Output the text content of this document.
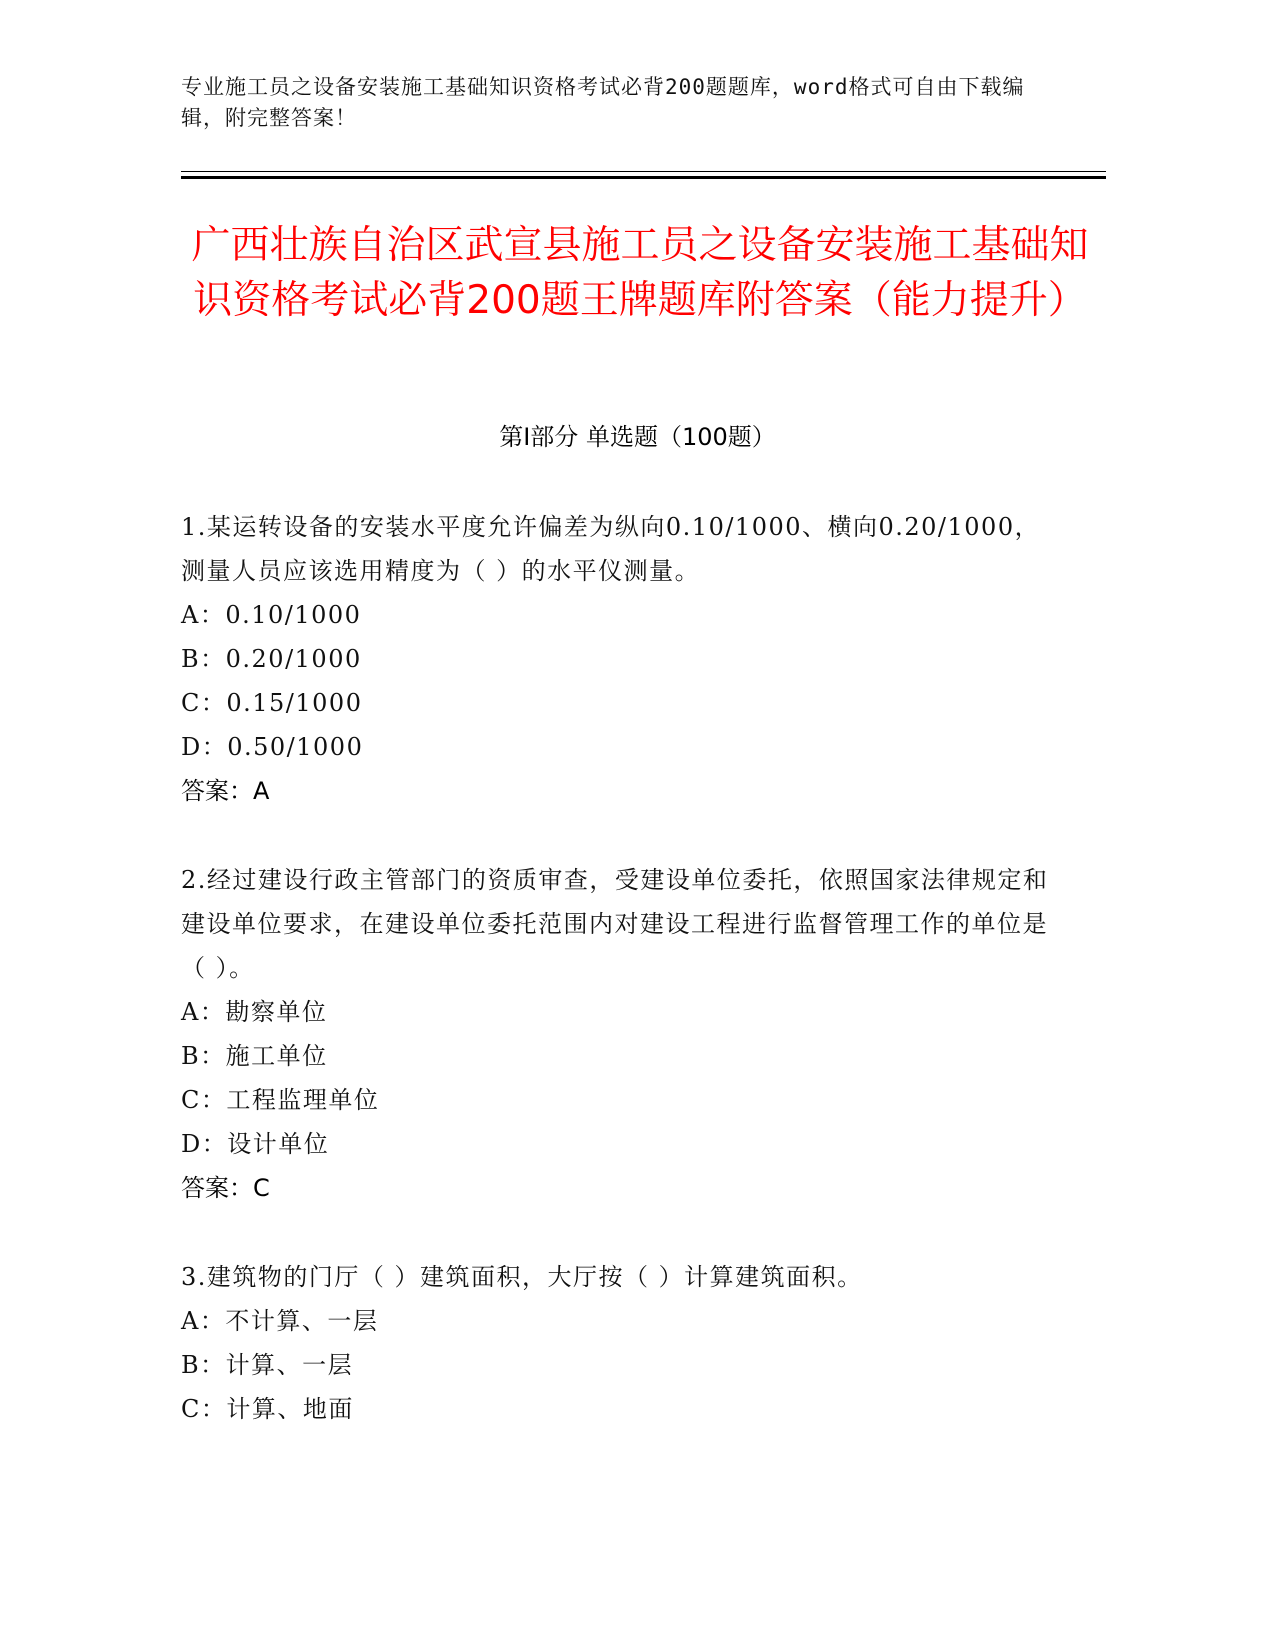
专业施工员之设备安装施工基础知识资格考试必背200题题库，word格式可自由下载编辑，附完整答案！
广西壮族自治区武宣县施工员之设备安装施工基础知识资格考试必背200题王牌题库附答案（能力提升）
第Ⅰ部分 单选题（100题）
1.某运转设备的安装水平度允许偏差为纵向0.10/1000、横向0.20/1000，测量人员应该选用精度为（ ）的水平仪测量。
A：0.10/1000
B：0.20/1000
C：0.15/1000
D：0.50/1000
答案：A
2.经过建设行政主管部门的资质审查，受建设单位委托，依照国家法律规定和建设单位要求，在建设单位委托范围内对建设工程进行监督管理工作的单位是（ ）。
A：勘察单位
B：施工单位
C：工程监理单位
D：设计单位
答案：C
3.建筑物的门厅（ ）建筑面积，大厅按（ ）计算建筑面积。
A：不计算、一层
B：计算、一层
C：计算、地面
